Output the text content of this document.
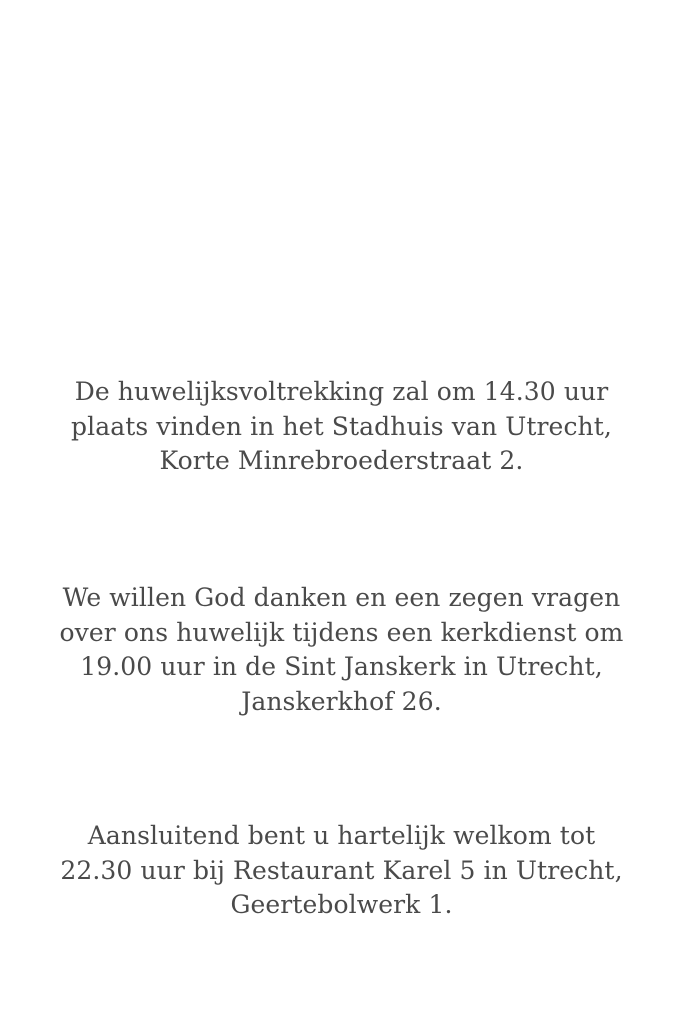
De huwelijksvoltrekking zal om 14.30 uur
plaats vinden in het Stadhuis van Utrecht,
Korte Minrebroederstraat 2.
We willen God danken en een zegen vragen
over ons huwelijk tijdens een kerkdienst om
19.00 uur in de Sint Janskerk in Utrecht,
Janskerkhof 26.
Aansluitend bent u hartelijk welkom tot
22.30 uur bij Restaurant Karel 5 in Utrecht,
Geertebolwerk 1.
